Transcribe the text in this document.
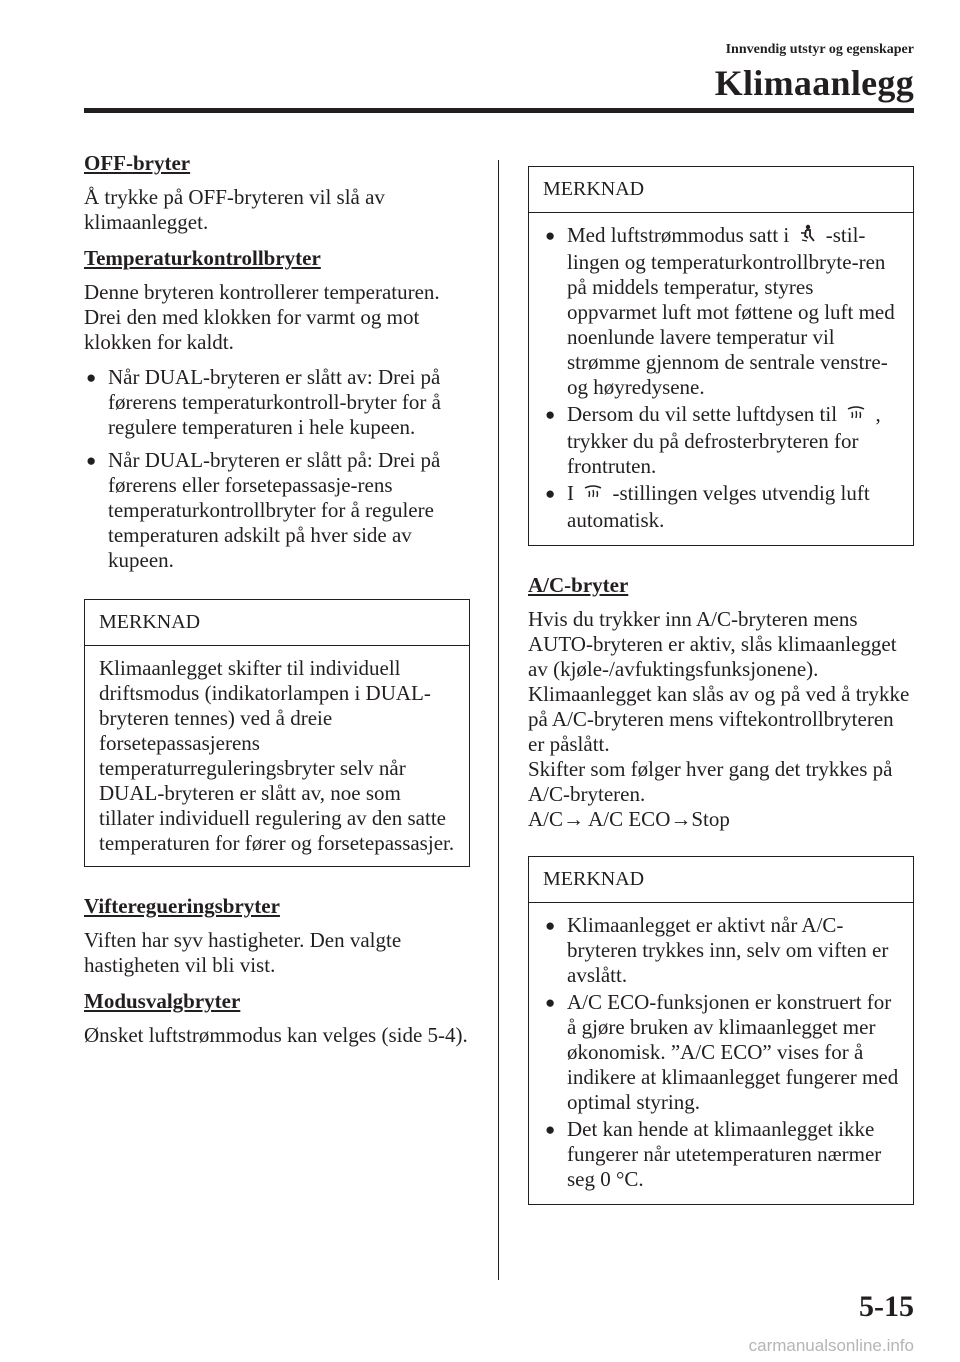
Innvendig utstyr og egenskaper
Klimaanlegg
OFF-bryter

Å trykke på OFF-bryteren vil slå av klimaanlegget.

Temperaturkontrollbryter

Denne bryteren kontrollerer temperaturen. Drei den med klokken for varmt og mot klokken for kaldt.

● Når DUAL-bryteren er slått av: Drei på førerens temperaturkontroll-bryter for å regulere temperaturen i hele kupeen.
● Når DUAL-bryteren er slått på: Drei på førerens eller forsetepassasje-rens temperaturkontrollbryter for å regulere temperaturen adskilt på hver side av kupeen.
MERKNAD
Klimaanlegget skifter til individuell driftsmodus (indikatorlampen i DUAL-bryteren tennes) ved å dreie forsetepassasjerens temperaturreguleringsbryter selv når DUAL-bryteren er slått av, noe som tillater individuell regulering av den satte temperaturen for fører og forsetepassasjer.
Vifteregueringsbryter

Viften har syv hastigheter. Den valgte hastigheten vil bli vist.

Modusvalgbryter

Ønsket luftstrømmodus kan velges (side 5-4).

MERKNAD
● Med luftstrømmodus satt i -stil-lingen og temperaturkontrollbryte-ren på middels temperatur, styres oppvarmet luft mot føttene og luft med noenlunde lavere temperatur vil strømme gjennom de sentrale venstre- og høyredysene.
● Dersom du vil sette luftdysen til , trykker du på defrosterbryteren for frontruten.
● I -stillingen velges utvendig luft automatisk.
A/C-bryter

Hvis du trykker inn A/C-bryteren mens AUTO-bryteren er aktiv, slås klimaanlegget av (kjøle-/avfuktingsfunksjonene).

Klimaanlegget kan slås av og på ved å trykke på A/C-bryteren mens viftekontrollbryteren er påslått.

Skifter som følger hver gang det trykkes på A/C-bryteren.

A/C→ A/C ECO→Stop

MERKNAD
● Klimaanlegget er aktivt når A/C-bryteren trykkes inn, selv om viften er avslått.
● A/C ECO-funksjonen er konstruert for å gjøre bruken av klimaanlegget mer økonomisk. ”A/C ECO” vises for å indikere at klimaanlegget fungerer med optimal styring.
● Det kan hende at klimaanlegget ikke fungerer når utetemperaturen nærmer seg 0 °C.
5-15
carmanualsonline.info
